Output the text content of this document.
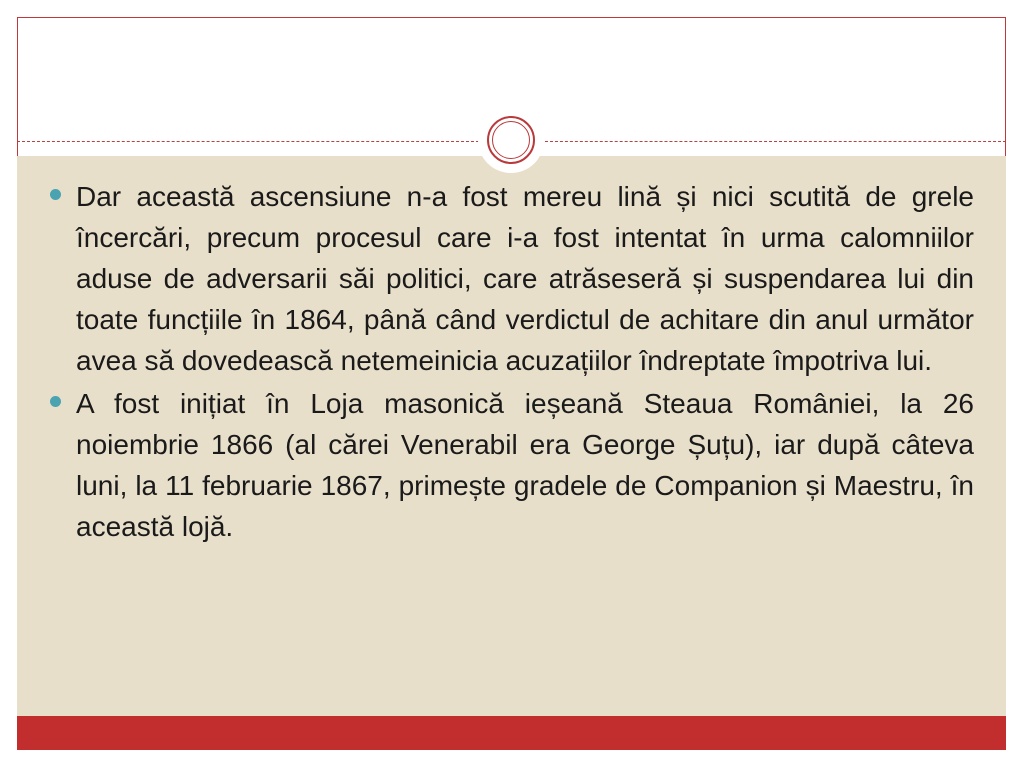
Dar această ascensiune n-a fost mereu lină și nici scutită de grele încercări, precum procesul care i-a fost intentat în urma calomniilor aduse de adversarii săi politici, care atrăseseră și suspendarea lui din toate funcțiile în 1864, până când verdictul de achitare din anul următor avea să dovedească netemeinicia acuzațiilor îndreptate împotriva lui.

A fost inițiat în Loja masonică ieșeană Steaua României, la 26 noiembrie 1866 (al cărei Venerabil era George Șuțu), iar după câteva luni, la 11 februarie 1867, primește gradele de Companion și Maestru, în această lojă.
